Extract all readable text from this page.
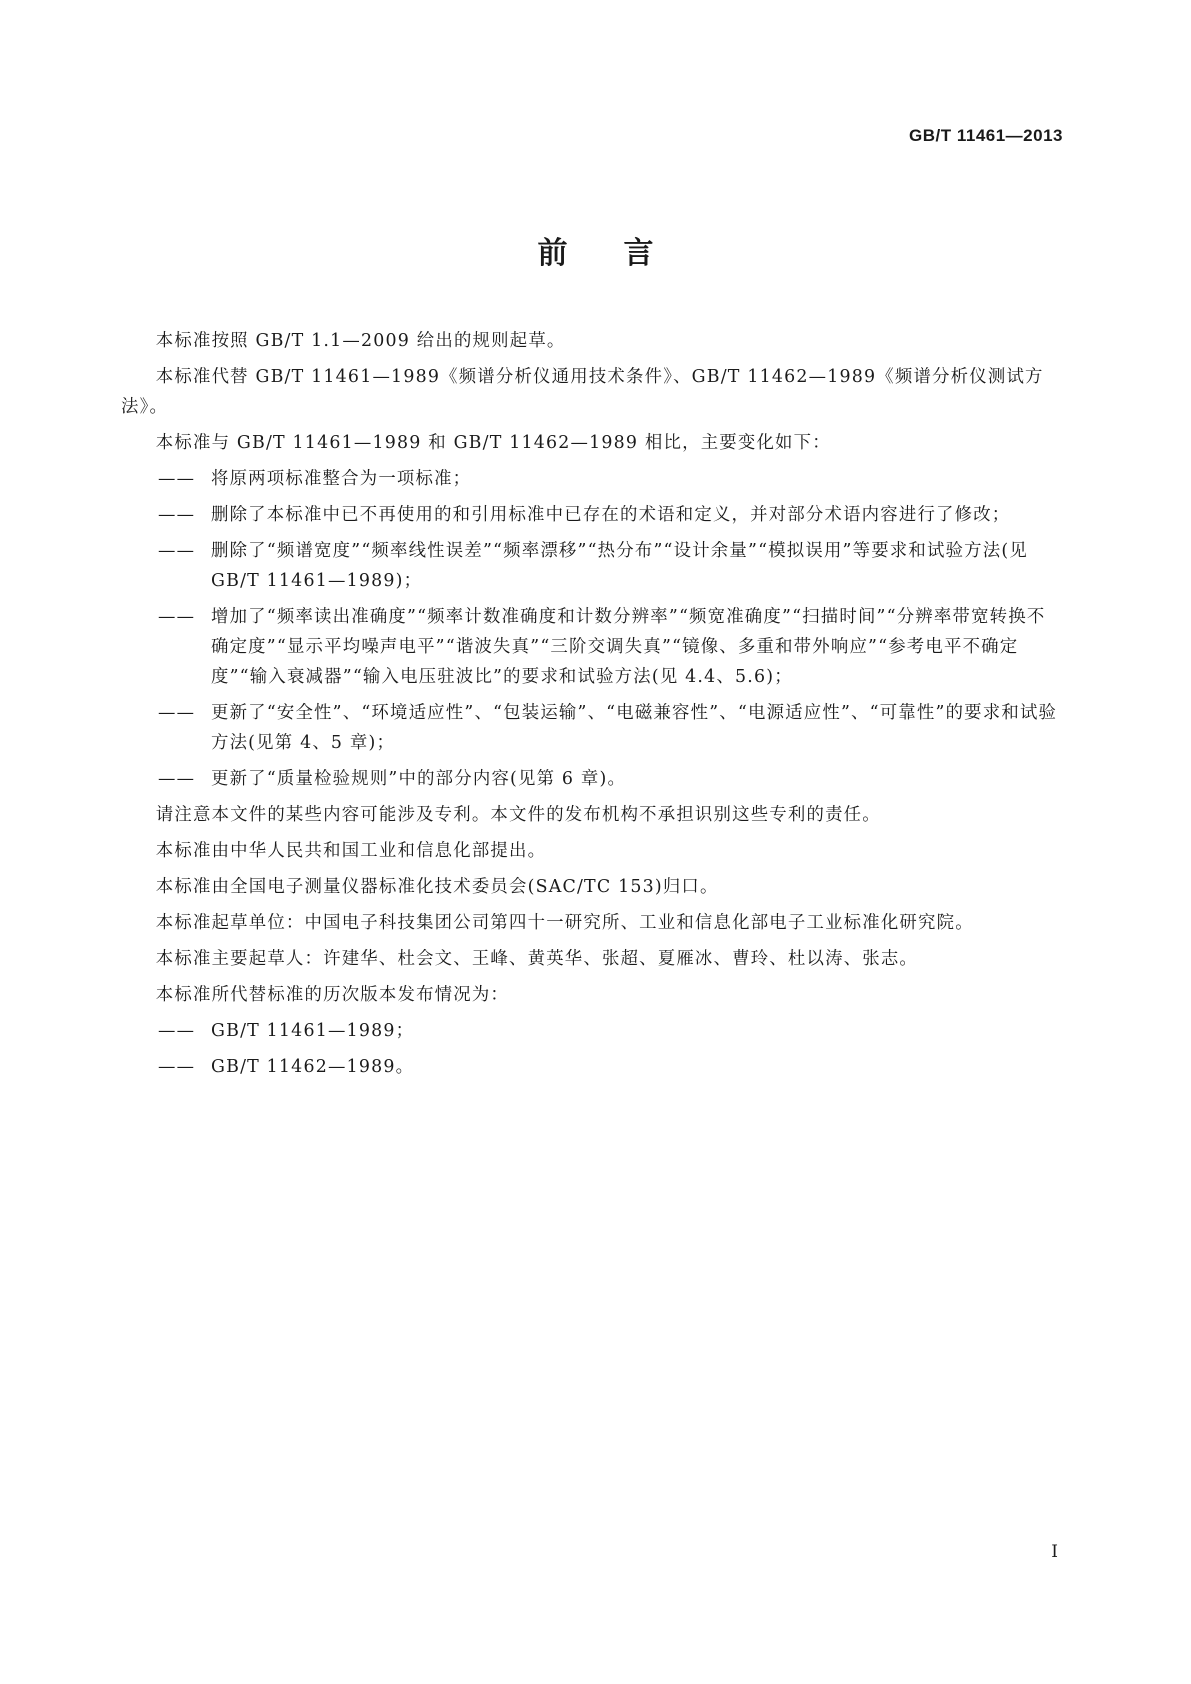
GB/T 11461—2013

前言

本标准按照 GB/T 1.1—2009 给出的规则起草。

本标准代替 GB/T 11461—1989《频谱分析仪通用技术条件》、GB/T 11462—1989《频谱分析仪测试方法》。

本标准与 GB/T 11461—1989 和 GB/T 11462—1989 相比，主要变化如下：

—— 将原两项标准整合为一项标准；

—— 删除了本标准中已不再使用的和引用标准中已存在的术语和定义，并对部分术语内容进行了修改；

—— 删除了“频谱宽度”“频率线性误差”“频率漂移”“热分布”“设计余量”“模拟误用”等要求和试验方法(见 GB/T 11461—1989)；

—— 增加了“频率读出准确度”“频率计数准确度和计数分辨率”“频宽准确度”“扫描时间”“分辨率带宽转换不确定度”“显示平均噪声电平”“谐波失真”“三阶交调失真”“镜像、多重和带外响应”“参考电平不确定度”“输入衰减器”“输入电压驻波比”的要求和试验方法(见 4.4、5.6)；

—— 更新了“安全性”、“环境适应性”、“包装运输”、“电磁兼容性”、“电源适应性”、“可靠性”的要求和试验方法(见第 4、5 章)；

—— 更新了“质量检验规则”中的部分内容(见第 6 章)。

请注意本文件的某些内容可能涉及专利。本文件的发布机构不承担识别这些专利的责任。

本标准由中华人民共和国工业和信息化部提出。

本标准由全国电子测量仪器标准化技术委员会(SAC/TC 153)归口。

本标准起草单位：中国电子科技集团公司第四十一研究所、工业和信息化部电子工业标准化研究院。

本标准主要起草人：许建华、杜会文、王峰、黄英华、张超、夏雁冰、曹玲、杜以涛、张志。

本标准所代替标准的历次版本发布情况为：

—— GB/T 11461—1989；

—— GB/T 11462—1989。

I
